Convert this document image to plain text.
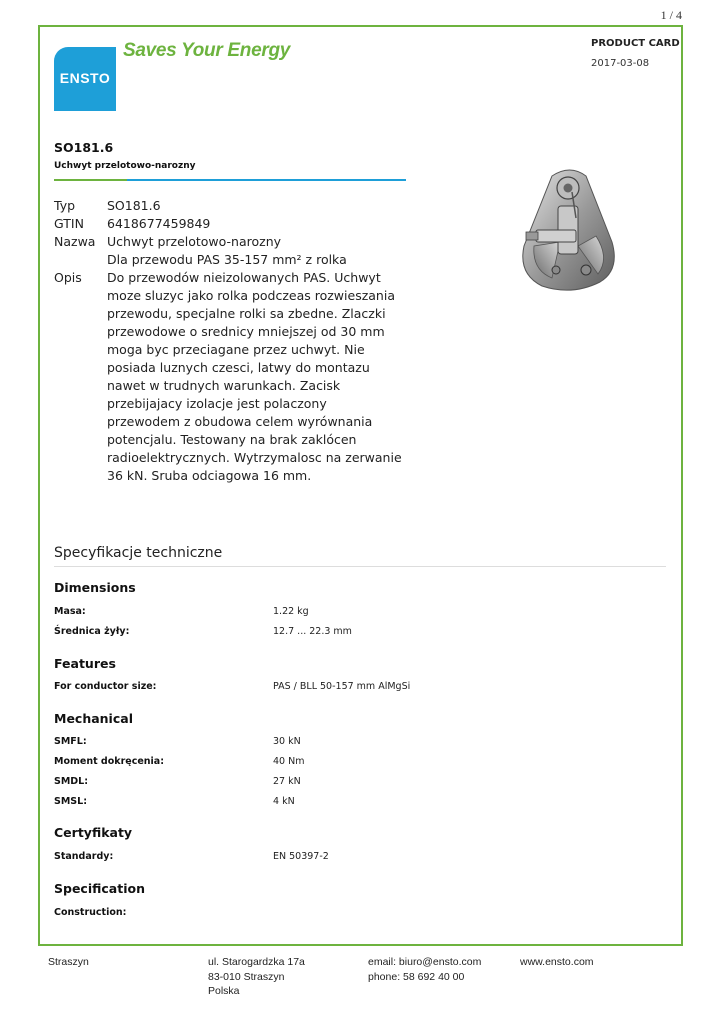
1 / 4
ENSTO
Saves Your Energy	PRODUCT CARD
2017-03-08
SO181.6
Uchwyt przelotowo-narozny
Typ	SO181.6
GTIN	6418677459849
Nazwa Uchwyt przelotowo-narozny
Dla przewodu PAS 35-157 mm² z rolka
Opis	Do przewodów nieizolowanych PAS. Uchwyt moze sluzyc jako rolka podczeas rozwieszania przewodu, specjalne rolki sa zbedne. Zlaczki przewodowe o srednicy mniejszej od 30 mm moga byc przeciagane przez uchwyt. Nie posiada luznych czesci, latwy do montazu nawet w trudnych warunkach. Zacisk przebijajacy izolacje jest polaczony przewodem z obudowa celem wyrównania potencjalu. Testowany na brak zaklócen radioelektrycznych. Wytrzymalosc na zerwanie 36 kN. Sruba odciagowa 16 mm.
Specyfikacje techniczne
Dimensions
Masa:	1.22 kg
Średnica żyły:	12.7 ... 22.3 mm
Features
For conductor size:	PAS / BLL 50-157 mm AlMgSi
Mechanical
SMFL:	30 kN
Moment dokręcenia:	40 Nm
SMDL:	27 kN
SMSL:	4 kN
Certyfikaty
Standardy:	EN 50397-2
Specification
Construction:
Straszyn	ul. Starogardzka 17a
83-010 Straszyn
Polska
email: biuro@ensto.com
phone: 58 692 40 00
www.ensto.com
